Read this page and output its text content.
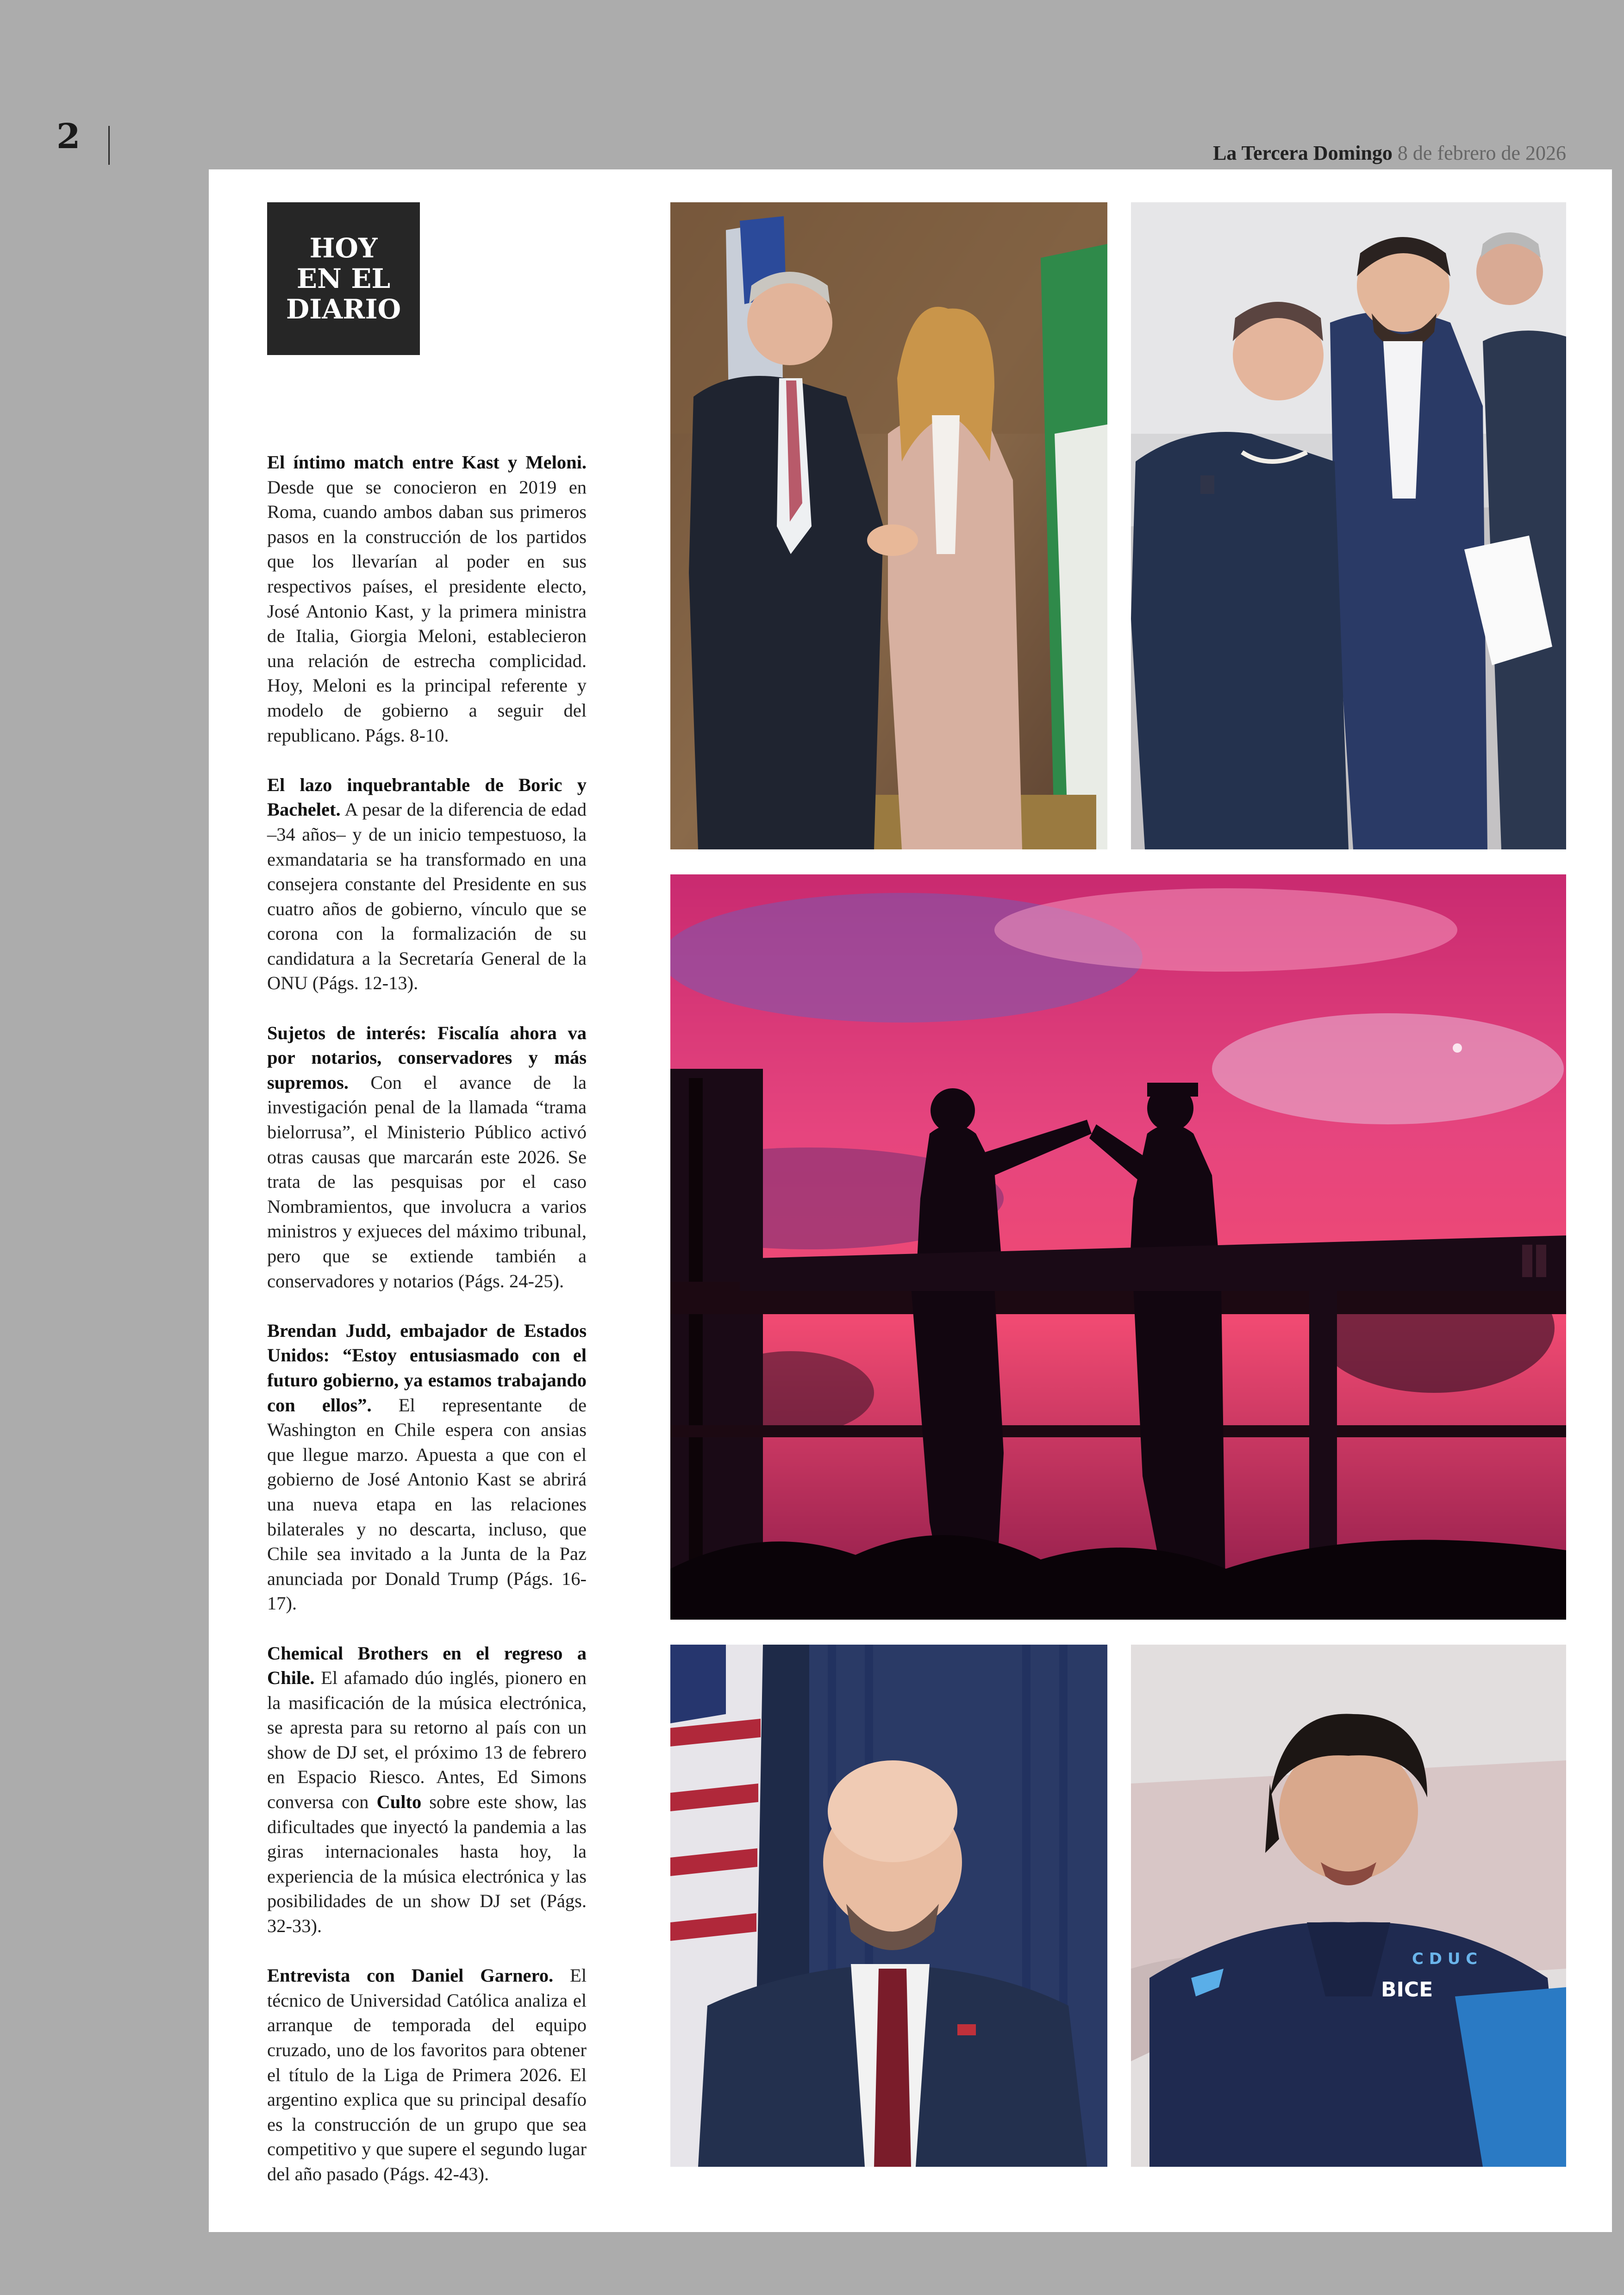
2	La Tercera Domingo 8 de febrero de 2026
HOY
EN EL
DIARIO

El íntimo match entre Kast y Meloni. Desde que se conocieron en 2019 en Roma, cuando ambos daban sus primeros pasos en la construcción de los partidos que los llevarían al poder en sus respectivos países, el presidente electo, José Antonio Kast, y la primera ministra de Italia, Giorgia Meloni, establecieron una relación de estrecha complicidad. Hoy, Meloni es la principal referente y modelo de gobierno a seguir del republicano. Págs. 8-10.

El lazo inquebrantable de Boric y Bachelet. A pesar de la diferencia de edad –34 años– y de un inicio tempestuoso, la exmandataria se ha transformado en una consejera constante del Presidente en sus cuatro años de gobierno, vínculo que se corona con la formalización de su candidatura a la Secretaría General de la ONU (Págs. 12-13).

Sujetos de interés: Fiscalía ahora va por notarios, conservadores y más supremos. Con el avance de la investigación penal de la llamada “trama bielorrusa”, el Ministerio Público activó otras causas que marcarán este 2026. Se trata de las pesquisas por el caso Nombramientos, que involucra a varios ministros y exjueces del máximo tribunal, pero que se extiende también a conservadores y notarios (Págs. 24-25).

Brendan Judd, embajador de Estados Unidos: “Estoy entusiasmado con el futuro gobierno, ya estamos trabajando con ellos”. El representante de Washington en Chile espera con ansias que llegue marzo. Apuesta a que con el gobierno de José Antonio Kast se abrirá una nueva etapa en las relaciones bilaterales y no descarta, incluso, que Chile sea invitado a la Junta de la Paz anunciada por Donald Trump (Págs. 16-17).

Chemical Brothers en el regreso a Chile. El afamado dúo inglés, pionero en la masificación de la música electrónica, se apresta para su retorno al país con un show de DJ set, el próximo 13 de febrero en Espacio Riesco. Antes, Ed Simons conversa con Culto sobre este show, las dificultades que inyectó la pandemia a las giras internacionales hasta hoy, la experiencia de la música electrónica y las posibilidades de un show DJ set (Págs. 32-33).

Entrevista con Daniel Garnero. El técnico de Universidad Católica analiza el arranque de temporada del equipo cruzado, uno de los favoritos para obtener el título de la Liga de Primera 2026. El argentino explica que su principal desafío es la construcción de un grupo que sea competitivo y que supere el segundo lugar del año pasado (Págs. 42-43).

C D U C
BICE
